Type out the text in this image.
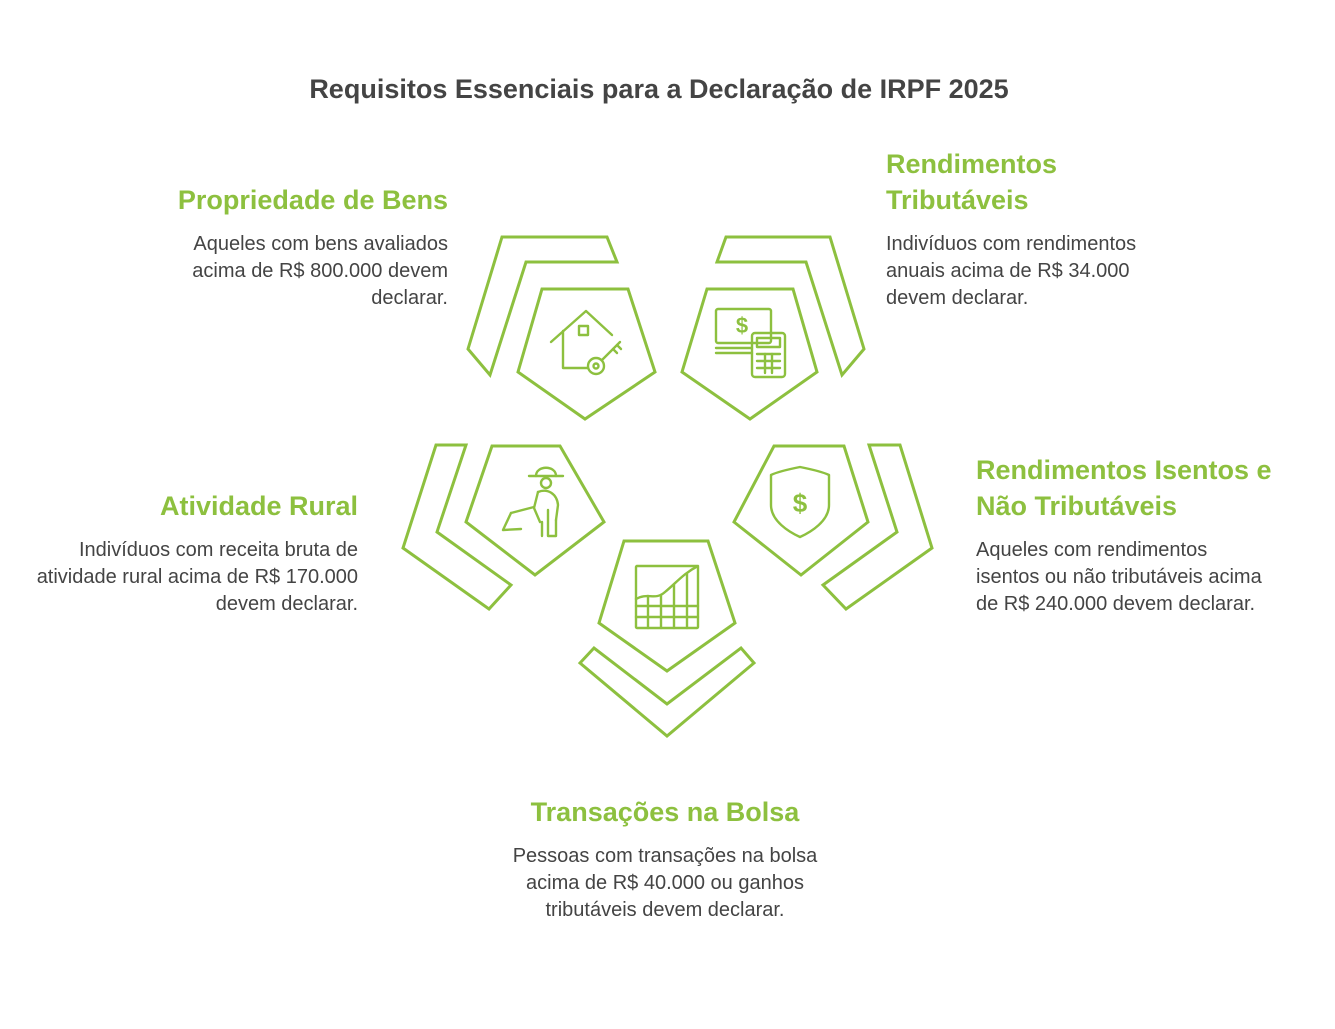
Requisitos Essenciais para a Declaração de IRPF 2025
$
$
Propriedade de Bens
Aqueles com bens avaliados acima de R$ 800.000 devem declarar.
Rendimentos Tributáveis
Indivíduos com rendimentos anuais acima de R$ 34.000 devem declarar.
Rendimentos Isentos e Não Tributáveis
Aqueles com rendimentos isentos ou não tributáveis acima de R$ 240.000 devem declarar.
Transações na Bolsa
Pessoas com transações na bolsa acima de R$ 40.000 ou ganhos tributáveis devem declarar.
Atividade Rural
Indivíduos com receita bruta de atividade rural acima de R$ 170.000 devem declarar.
